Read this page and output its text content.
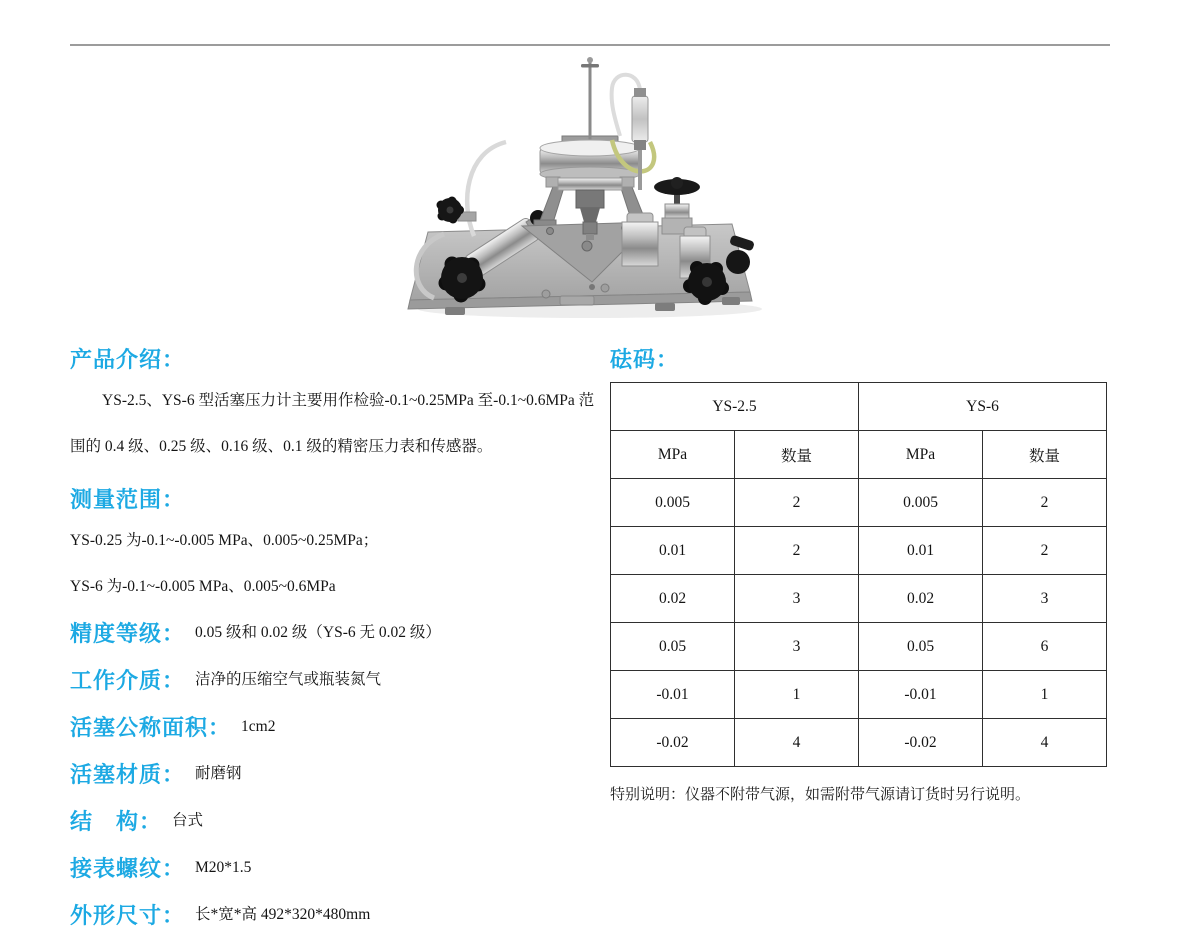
产品介绍：

YS-2.5、YS-6 型活塞压力计主要用作检验-0.1~0.25MPa 至-0.1~0.6MPa 范

围的 0.4 级、0.25 级、0.16 级、0.1 级的精密压力表和传感器。

测量范围：

YS-0.25 为-0.1~-0.005 MPa、0.005~0.25MPa；

YS-6 为-0.1~-0.005 MPa、0.005~0.6MPa

精度等级： 0.05 级和 0.02 级（YS-6 无 0.02 级）
工作介质： 洁净的压缩空气或瓶装氮气
活塞公称面积： 1cm2
活塞材质： 耐磨钢
结　构： 台式
接表螺纹： M20*1.5
外形尺寸： 长*宽*高 492*320*480mm
砝码：
YS-2.5		YS-6	
MPa	数量	MPa	数量
0.005	2	0.005	2
0.01	2	0.01	2
0.02	3	0.02	3
0.05	3	0.05	6
-0.01	1	-0.01	1
-0.02	4	-0.02	4

特别说明：仪器不附带气源，如需附带气源请订货时另行说明。
